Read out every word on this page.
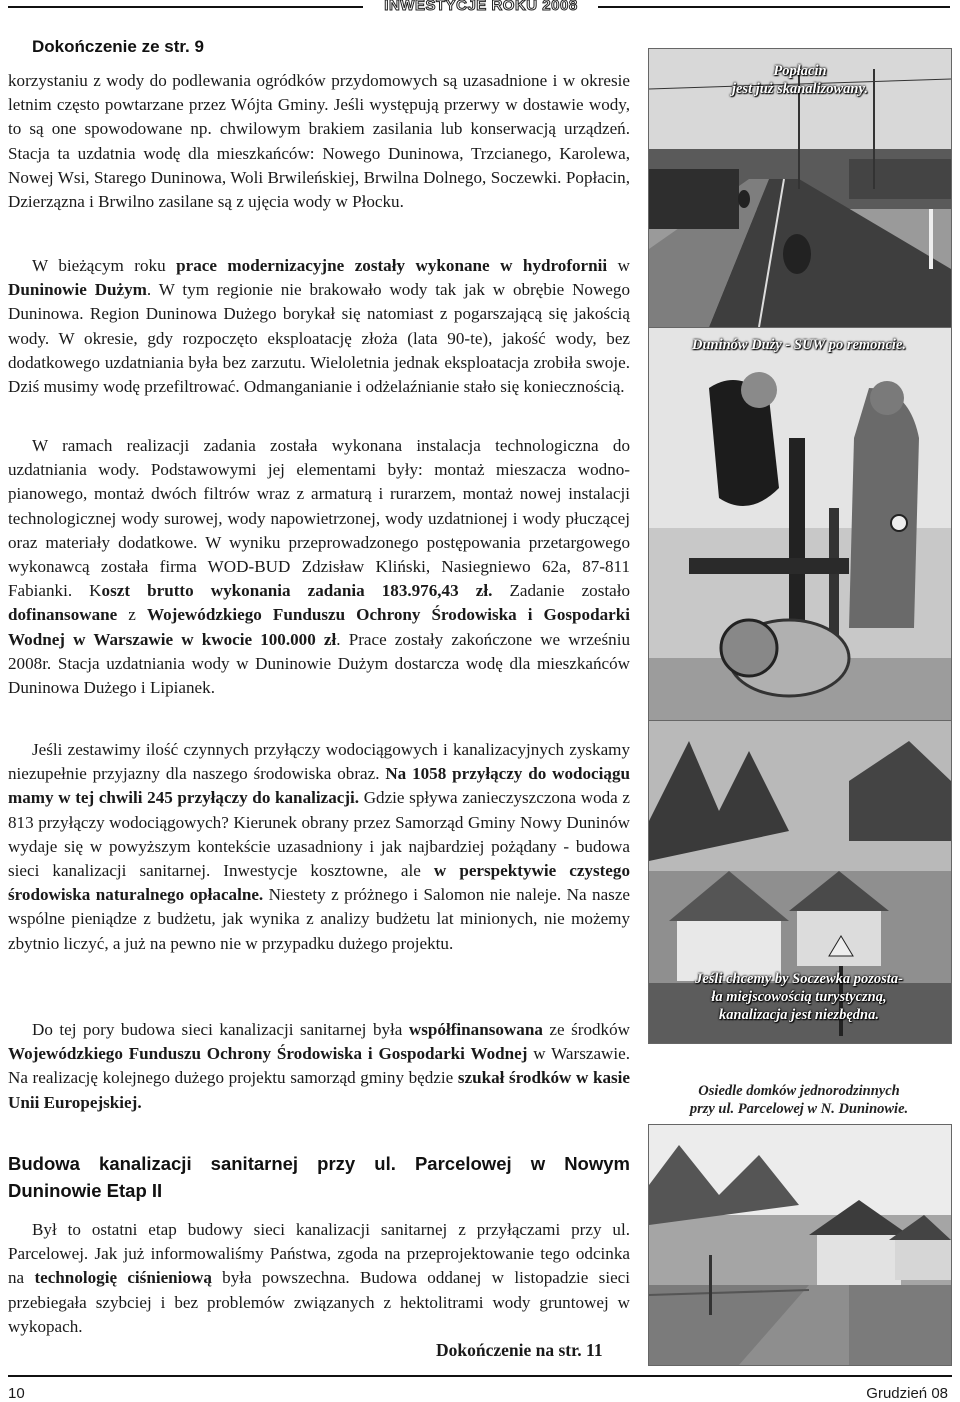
INWESTYCJE ROKU 2008
Dokończenie ze str. 9

korzystaniu z wody do podlewania ogródków przydomowych są uzasadnione i w okresie letnim często powtarzane przez Wójta Gminy. Jeśli występują przerwy w dostawie wody, to są one spowodowane np. chwilowym brakiem zasilania lub konserwacją urządzeń. Stacja ta uzdatnia wodę dla mieszkańców: Nowego Duninowa, Trzcianego, Karolewa, Nowej Wsi, Starego Duninowa, Woli Brwileńskiej, Brwilna Dolnego, Soczewki. Popłacin, Dzierzązna i Brwilno zasilane są z ujęcia wody w Płocku.

W bieżącym roku prace modernizacyjne zostały wykonane w hydrofornii w Duninowie Dużym. W tym regionie nie brakowało wody tak jak w obrębie Nowego Duninowa. Region Duninowa Dużego borykał się natomiast z pogarszającą się jakością wody. W okresie, gdy rozpoczęto eksploatację złoża (lata 90-te), jakość wody, bez dodatkowego uzdatniania była bez zarzutu. Wieloletnia jednak eksploatacja zrobiła swoje. Dziś musimy wodę przefiltrować. Odmanganianie i odżelaźnianie stało się koniecznością.

W ramach realizacji zadania została wykonana instalacja technologiczna do uzdatniania wody. Podstawowymi jej elementami były: montaż mieszacza wodno-pianowego, montaż dwóch filtrów wraz z armaturą i rurarzem, montaż nowej instalacji technologicznej wody surowej, wody napowietrzonej, wody uzdatnionej i wody płuczącej oraz materiały dodatkowe. W wyniku przeprowadzonego postępowania przetargowego wykonawcą została firma WOD-BUD Zdzisław Kliński, Nasiegniewo 62a, 87-811 Fabianki. Koszt brutto wykonania zadania 183.976,43 zł. Zadanie zostało dofinansowane z Wojewódzkiego Funduszu Ochrony Środowiska i Gospodarki Wodnej w Warszawie w kwocie 100.000 zł. Prace zostały zakończone we wrześniu 2008r. Stacja uzdatniania wody w Duninowie Dużym dostarcza wodę dla mieszkańców Duninowa Dużego i Lipianek.

Jeśli zestawimy ilość czynnych przyłączy wodociągowych i kanalizacyjnych zyskamy niezupełnie przyjazny dla naszego środowiska obraz. Na 1058 przyłączy do wodociągu mamy w tej chwili 245 przyłączy do kanalizacji. Gdzie spływa zanieczyszczona woda z 813 przyłączy wodociągowych? Kierunek obrany przez Samorząd Gminy Nowy Duninów wydaje się w powyższym kontekście uzasadniony i jak najbardziej pożądany - budowa sieci kanalizacji sanitarnej. Inwestycje kosztowne, ale w perspektywie czystego środowiska naturalnego opłacalne. Niestety z próżnego i Salomon nie naleje. Na nasze wspólne pieniądze z budżetu, jak wynika z analizy budżetu lat minionych, nie możemy zbytnio liczyć, a już na pewno nie w przypadku dużego projektu.

Do tej pory budowa sieci kanalizacji sanitarnej była współfinansowana ze środków Wojewódzkiego Funduszu Ochrony Środowiska i Gospodarki Wodnej w Warszawie. Na realizację kolejnego dużego projektu samorząd gminy będzie szukał środków w kasie Unii Europejskiej.

Budowa kanalizacji sanitarnej przy ul. Parcelowej w Nowym Duninowie Etap II

Był to ostatni etap budowy sieci kanalizacji sanitarnej z przyłączami przy ul. Parcelowej. Jak już informowaliśmy Państwa, zgoda na przeprojektowanie tego odcinka na technologię ciśnieniową była powszechna. Budowa oddanej w listopadzie sieci przebiegała szybciej i bez problemów związanych z hektolitrami wody gruntowej w wykopach.

Dokończenie na str. 11
Popłacin
jest już skanalizowany.
Duninów Duży - SUW po remoncie.
Jeśli chcemy by Soczewka pozosta-
ła miejscowością turystyczną,
kanalizacja jest niezbędna.
Osiedle domków jednorodzinnych
przy ul. Parcelowej w N. Duninowie.
10	Grudzień 08
